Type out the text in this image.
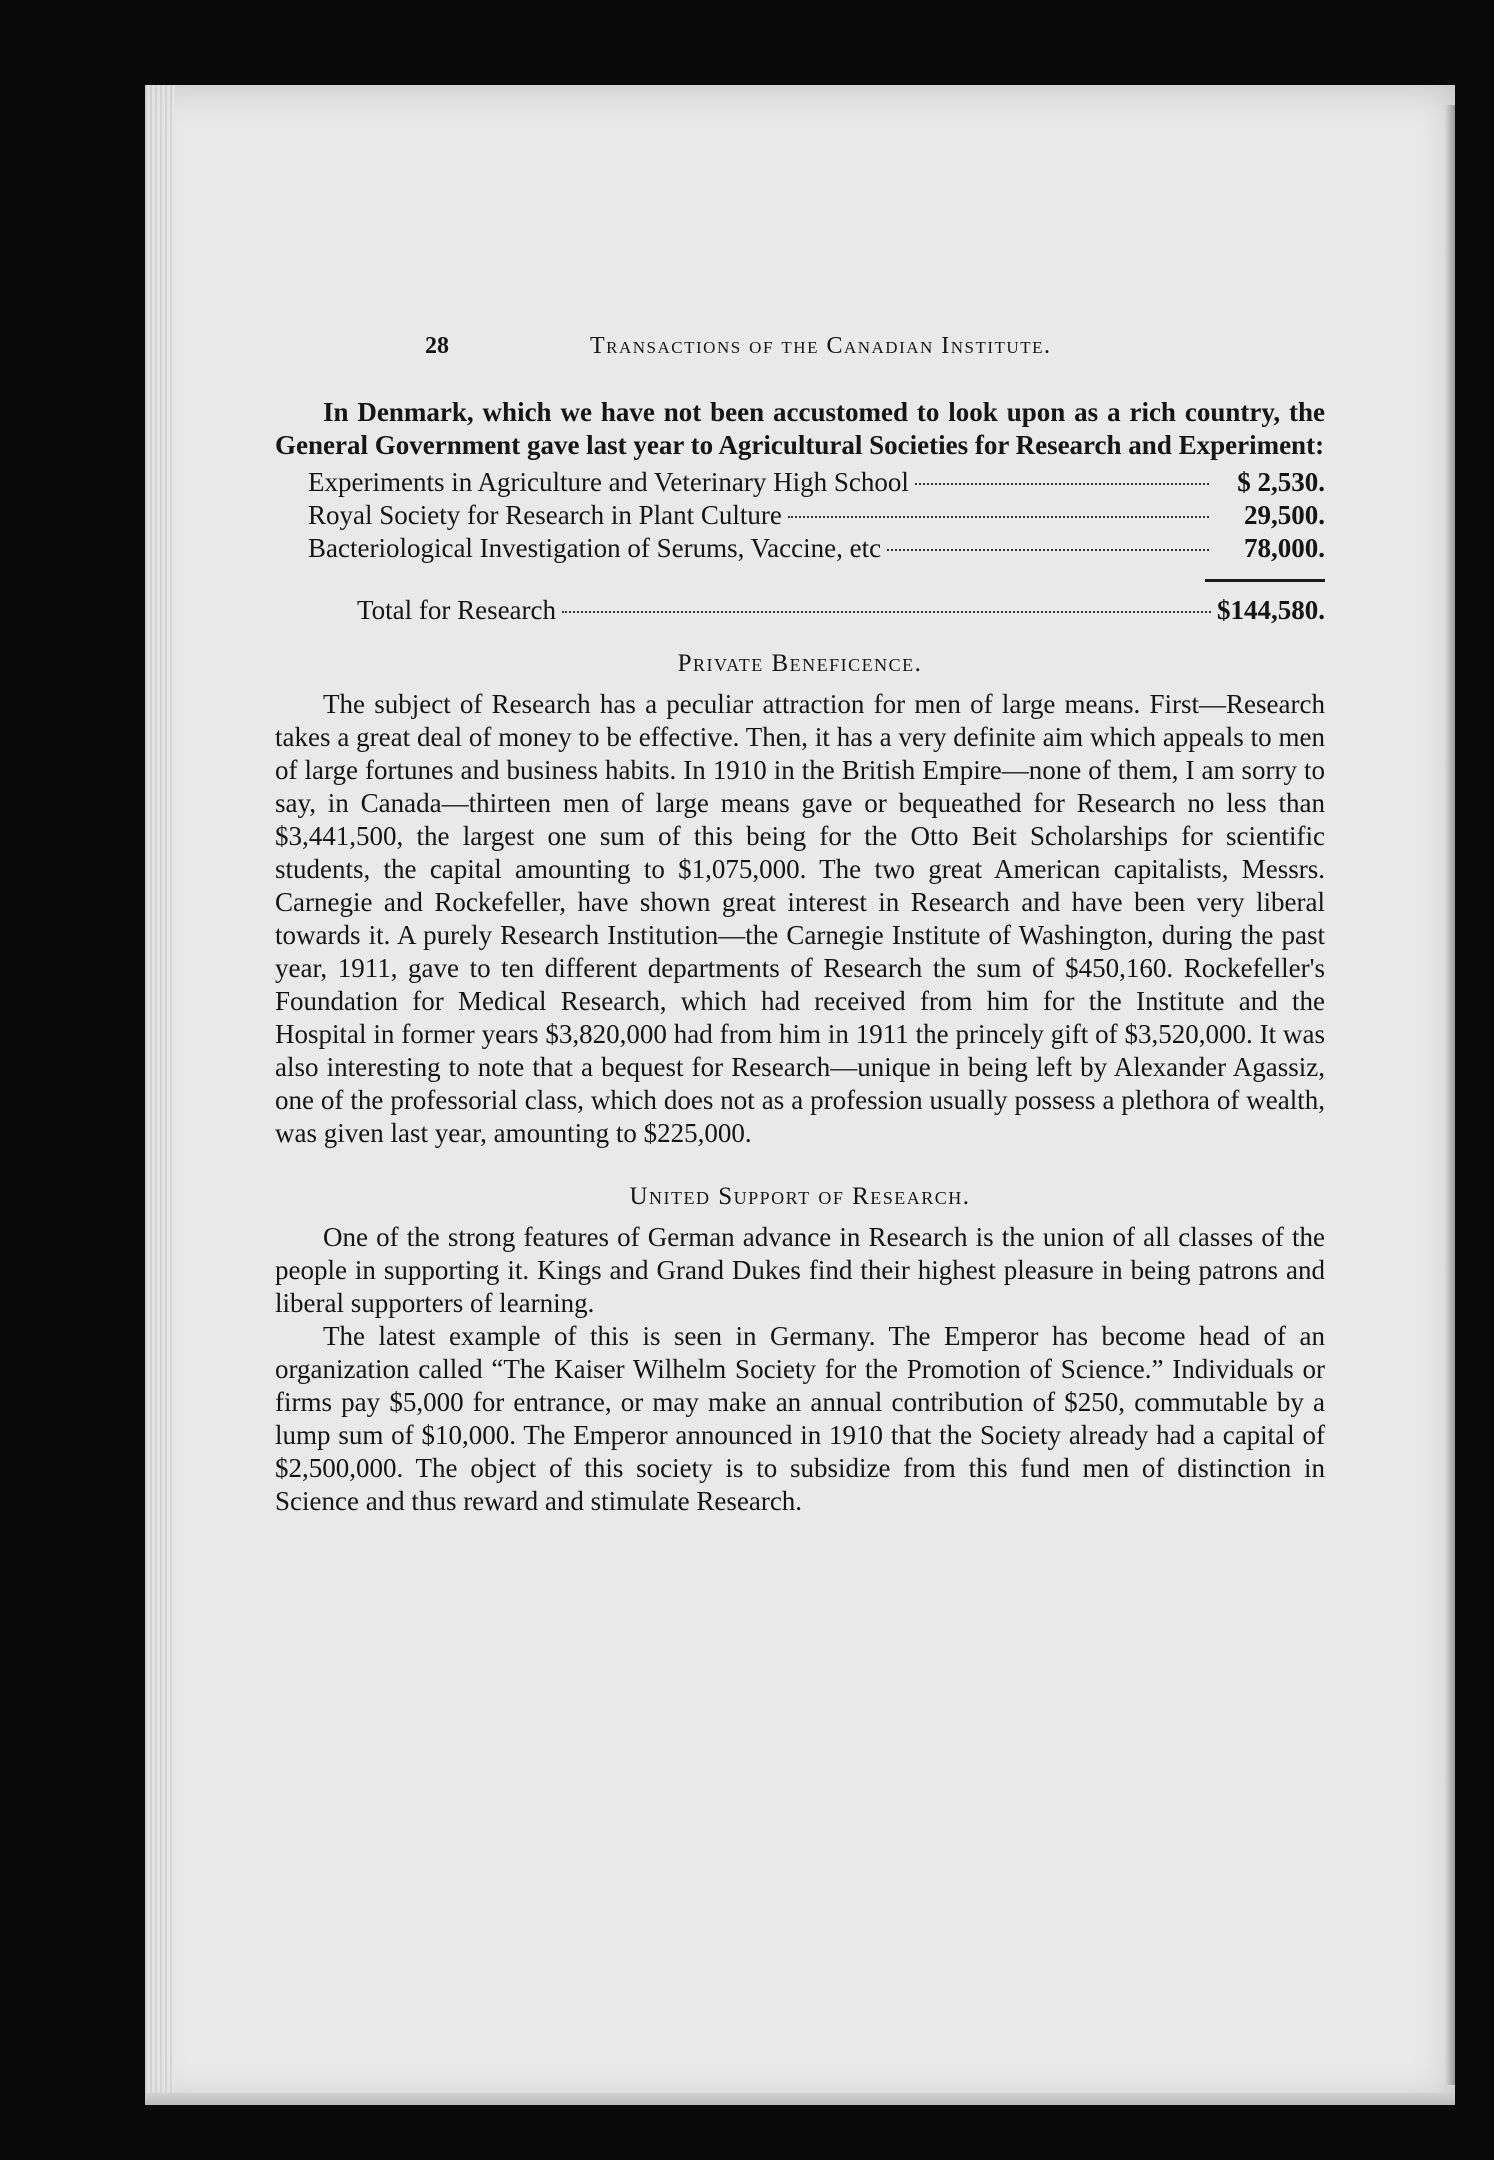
28	Transactions of the Canadian Institute.

In Denmark, which we have not been accustomed to look upon as a rich country, the General Government gave last year to Agricultural Societies for Research and Experiment:

Experiments in Agriculture and Veterinary High School	$ 2,530.
Royal Society for Research in Plant Culture	29,500.
Bacteriological Investigation of Serums, Vaccine, etc	78,000.
Total for Research	$144,580.
Private Beneficence.

The subject of Research has a peculiar attraction for men of large means. First—Research takes a great deal of money to be effective. Then, it has a very definite aim which appeals to men of large fortunes and business habits. In 1910 in the British Empire—none of them, I am sorry to say, in Canada—thirteen men of large means gave or bequeathed for Research no less than $3,441,500, the largest one sum of this being for the Otto Beit Scholarships for scientific students, the capital amounting to $1,075,000. The two great American capitalists, Messrs. Carnegie and Rockefeller, have shown great interest in Research and have been very liberal towards it. A purely Research Institution—the Carnegie Institute of Washington, during the past year, 1911, gave to ten different departments of Research the sum of $450,160. Rockefeller's Foundation for Medical Research, which had received from him for the Institute and the Hospital in former years $3,820,000 had from him in 1911 the princely gift of $3,520,000. It was also interesting to note that a bequest for Research—unique in being left by Alexander Agassiz, one of the professorial class, which does not as a profession usually possess a plethora of wealth, was given last year, amounting to $225,000.

United Support of Research.

One of the strong features of German advance in Research is the union of all classes of the people in supporting it. Kings and Grand Dukes find their highest pleasure in being patrons and liberal supporters of learning.

The latest example of this is seen in Germany. The Emperor has become head of an organization called “The Kaiser Wilhelm Society for the Promotion of Science.” Individuals or firms pay $5,000 for entrance, or may make an annual contribution of $250, commutable by a lump sum of $10,000. The Emperor announced in 1910 that the Society already had a capital of $2,500,000. The object of this society is to subsidize from this fund men of distinction in Science and thus reward and stimulate Research.
